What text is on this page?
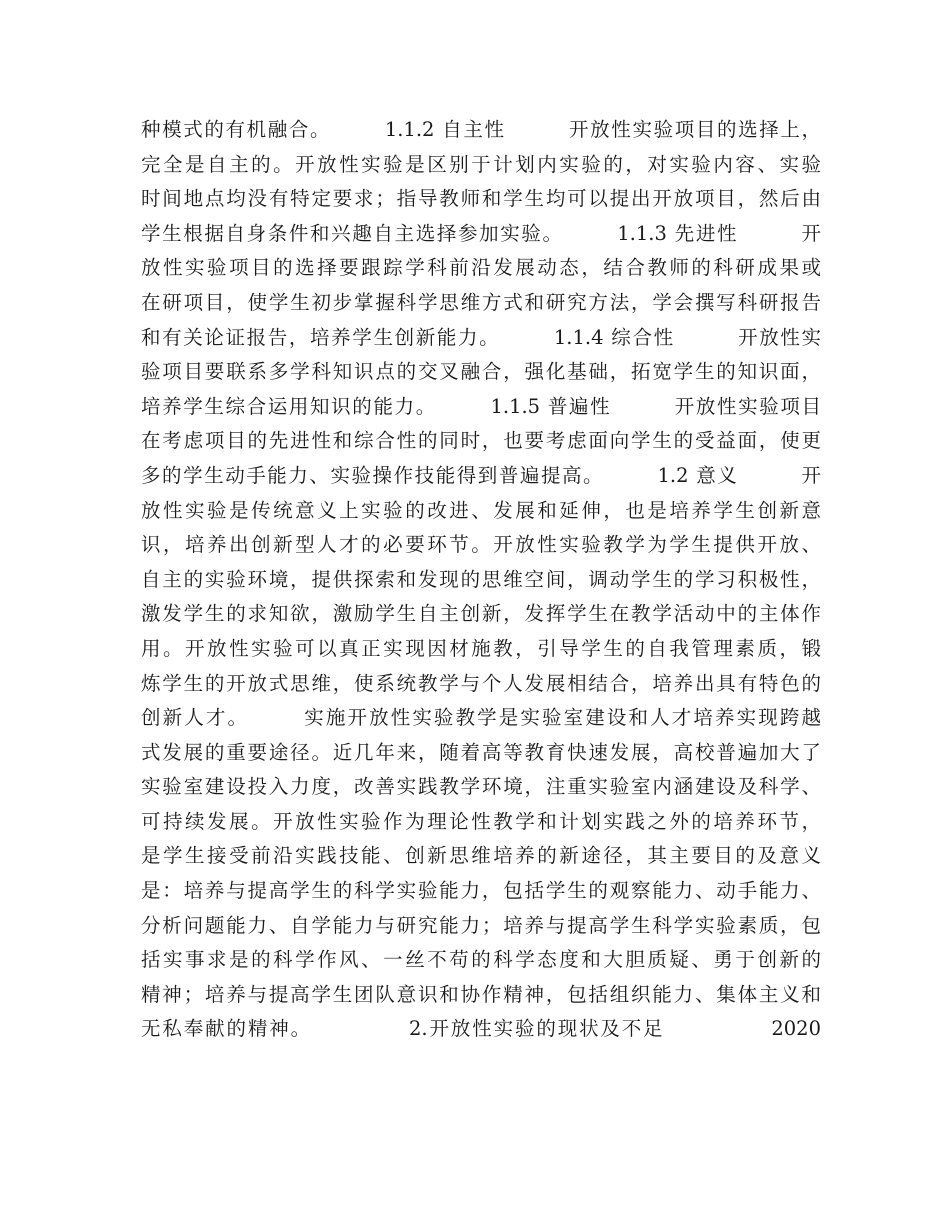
种模式的有机融合。　　　1.1.2 自主性　　　开放性实验项目的选择上，
完全是自主的。开放性实验是区别于计划内实验的，对实验内容、实验
时间地点均没有特定要求；指导教师和学生均可以提出开放项目，然后由
学生根据自身条件和兴趣自主选择参加实验。　　　1.1.3 先进性　　　开
放性实验项目的选择要跟踪学科前沿发展动态，结合教师的科研成果或
在研项目，使学生初步掌握科学思维方式和研究方法，学会撰写科研报告
和有关论证报告，培养学生创新能力。　　　1.1.4 综合性　　　开放性实
验项目要联系多学科知识点的交叉融合，强化基础，拓宽学生的知识面，
培养学生综合运用知识的能力。　　　1.1.5 普遍性　　　开放性实验项目
在考虑项目的先进性和综合性的同时，也要考虑面向学生的受益面，使更
多的学生动手能力、实验操作技能得到普遍提高。　　　1.2 意义　　　开
放性实验是传统意义上实验的改进、发展和延伸，也是培养学生创新意
识，培养出创新型人才的必要环节。开放性实验教学为学生提供开放、
自主的实验环境，提供探索和发现的思维空间，调动学生的学习积极性，
激发学生的求知欲，激励学生自主创新，发挥学生在教学活动中的主体作
用。开放性实验可以真正实现因材施教，引导学生的自我管理素质，锻
炼学生的开放式思维，使系统教学与个人发展相结合，培养出具有特色的
创新人才。　　　实施开放性实验教学是实验室建设和人才培养实现跨越
式发展的重要途径。近几年来，随着高等教育快速发展，高校普遍加大了
实验室建设投入力度，改善实践教学环境，注重实验室内涵建设及科学、
可持续发展。开放性实验作为理论性教学和计划实践之外的培养环节，
是学生接受前沿实践技能、创新思维培养的新途径，其主要目的及意义
是：培养与提高学生的科学实验能力，包括学生的观察能力、动手能力、
分析问题能力、自学能力与研究能力；培养与提高学生科学实验素质，包
括实事求是的科学作风、一丝不苟的科学态度和大胆质疑、勇于创新的
精神；培养与提高学生团队意识和协作精神，包括组织能力、集体主义和
无私奉献的精神。　　　　　2.开放性实验的现状及不足　　　　　2020
